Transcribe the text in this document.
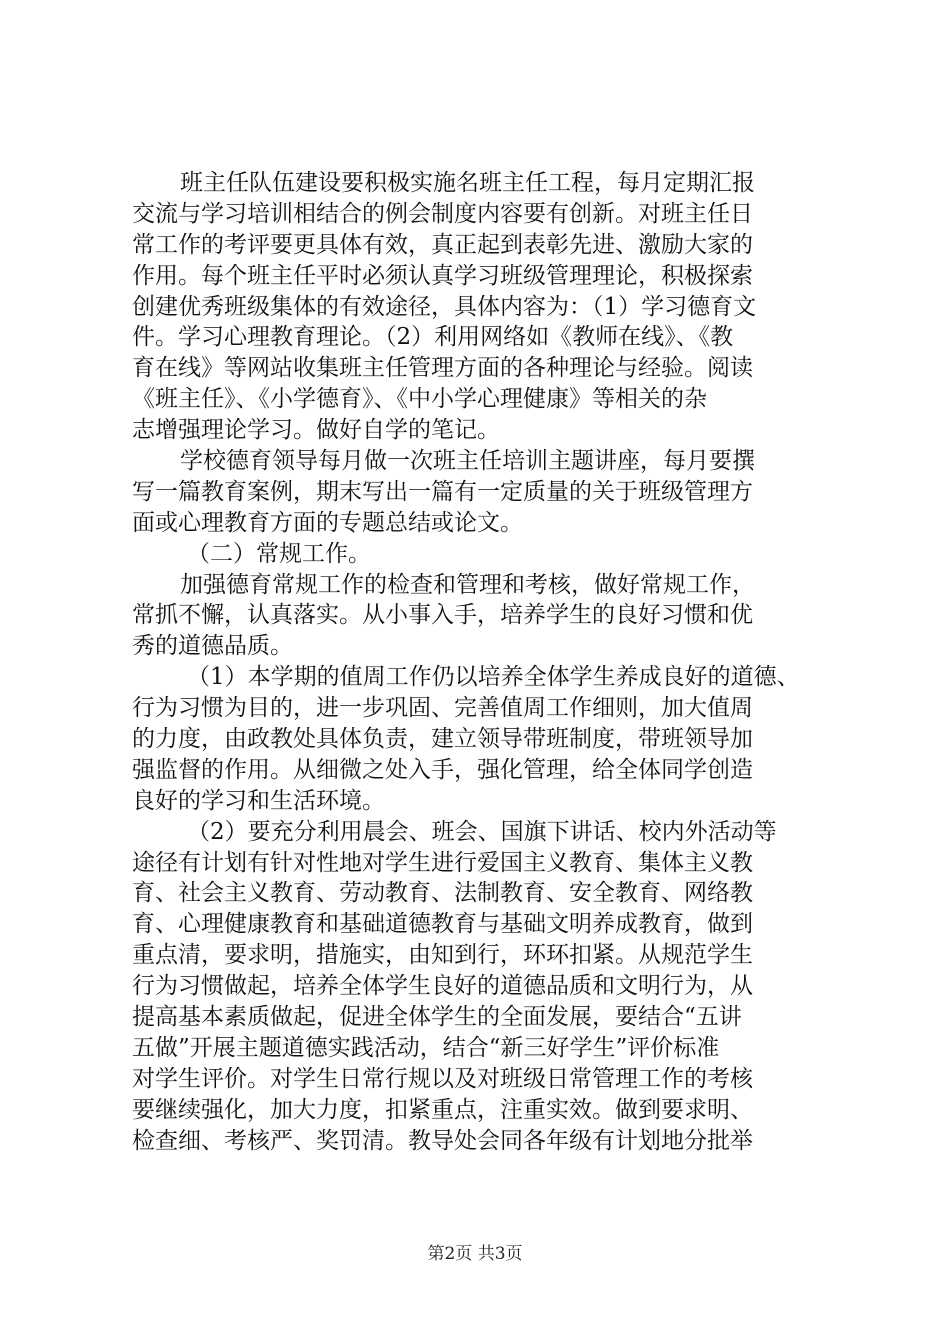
班主任队伍建设要积极实施名班主任工程，每月定期汇报
交流与学习培训相结合的例会制度内容要有创新。对班主任日
常工作的考评要更具体有效，真正起到表彰先进、激励大家的
作用。每个班主任平时必须认真学习班级管理理论，积极探索
创建优秀班级集体的有效途径，具体内容为：（1）学习德育文
件。学习心理教育理论。（2）利用网络如《教师在线》、《教
育在线》等网站收集班主任管理方面的各种理论与经验。阅读
《班主任》、《小学德育》、《中小学心理健康》等相关的杂
志增强理论学习。做好自学的笔记。
学校德育领导每月做一次班主任培训主题讲座，每月要撰
写一篇教育案例，期末写出一篇有一定质量的关于班级管理方
面或心理教育方面的专题总结或论文。
（二）常规工作。
加强德育常规工作的检查和管理和考核，做好常规工作，
常抓不懈，认真落实。从小事入手，培养学生的良好习惯和优
秀的道德品质。
（1）本学期的值周工作仍以培养全体学生养成良好的道德、
行为习惯为目的，进一步巩固、完善值周工作细则，加大值周
的力度，由政教处具体负责，建立领导带班制度，带班领导加
强监督的作用。从细微之处入手，强化管理，给全体同学创造
良好的学习和生活环境。
（2）要充分利用晨会、班会、国旗下讲话、校内外活动等
途径有计划有针对性地对学生进行爱国主义教育、集体主义教
育、社会主义教育、劳动教育、法制教育、安全教育、网络教
育、心理健康教育和基础道德教育与基础文明养成教育，做到
重点清，要求明，措施实，由知到行，环环扣紧。从规范学生
行为习惯做起，培养全体学生良好的道德品质和文明行为，从
提高基本素质做起，促进全体学生的全面发展，要结合“五讲
五做”开展主题道德实践活动，结合“新三好学生”评价标准
对学生评价。对学生日常行规以及对班级日常管理工作的考核
要继续强化，加大力度，扣紧重点，注重实效。做到要求明、
检查细、考核严、奖罚清。教导处会同各年级有计划地分批举
第2页 共3页
